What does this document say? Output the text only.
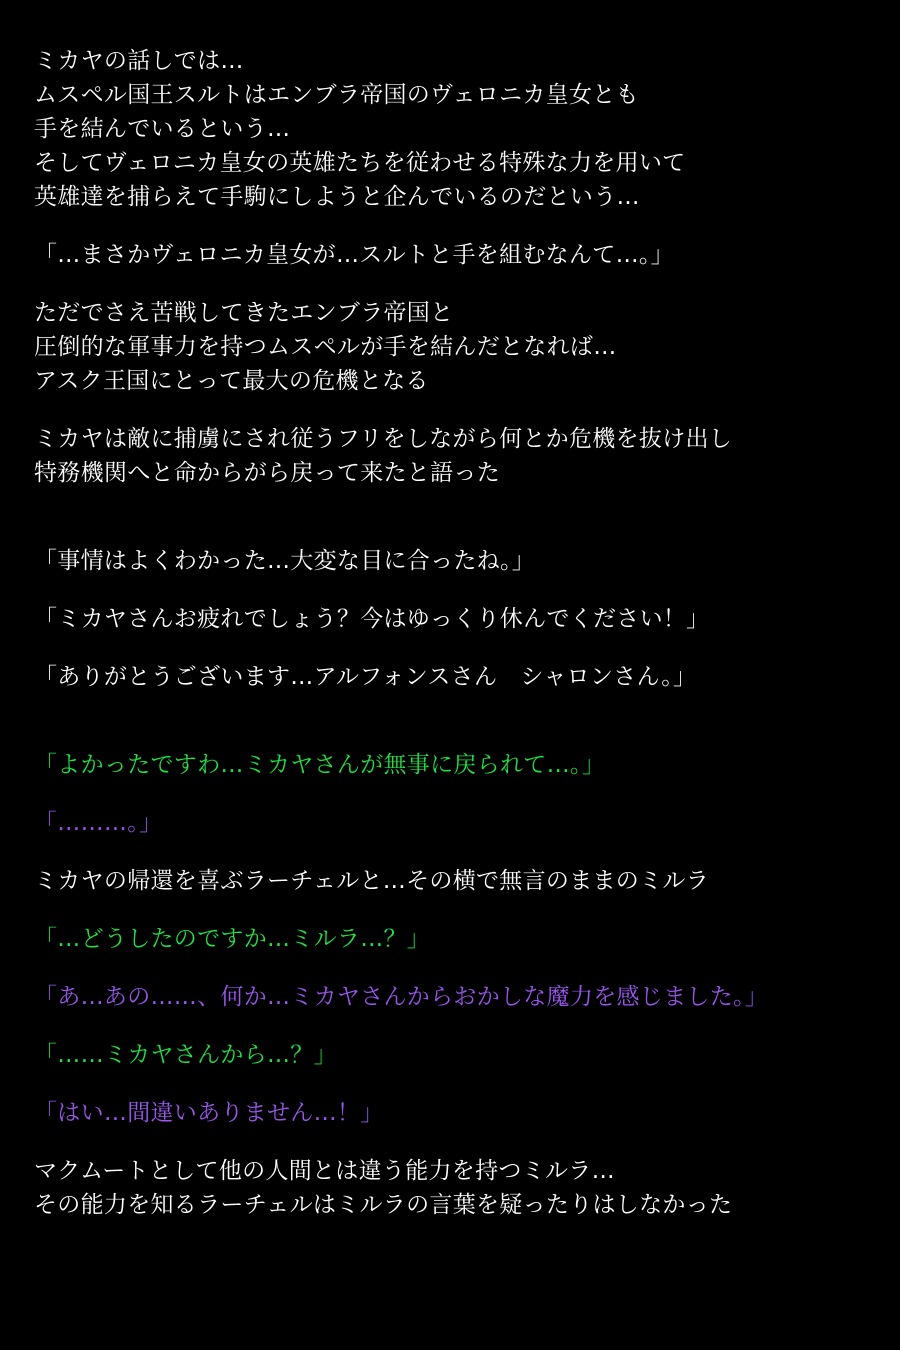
ミカヤの話しでは…
ムスペル国王スルトはエンブラ帝国のヴェロニカ皇女とも
手を結んでいるという…
そしてヴェロニカ皇女の英雄たちを従わせる特殊な力を用いて
英雄達を捕らえて手駒にしようと企んでいるのだという…
「…まさかヴェロニカ皇女が…スルトと手を組むなんて…。」
ただでさえ苦戦してきたエンブラ帝国と
圧倒的な軍事力を持つムスペルが手を結んだとなれば…
アスク王国にとって最大の危機となる
ミカヤは敵に捕虜にされ従うフリをしながら何とか危機を抜け出し
特務機関へと命からがら戻って来たと語った
「事情はよくわかった…大変な目に合ったね。」
「ミカヤさんお疲れでしょう？今はゆっくり休んでください！」
「ありがとうございます…アルフォンスさん　シャロンさん。」
「よかったですわ…ミカヤさんが無事に戻られて…。」
「………。」
ミカヤの帰還を喜ぶラーチェルと…その横で無言のままのミルラ
「…どうしたのですか…ミルラ…？」
「あ…あの……、何か…ミカヤさんからおかしな魔力を感じました。」
「……ミカヤさんから…？」
「はい…間違いありません…！」
マクムートとして他の人間とは違う能力を持つミルラ…
その能力を知るラーチェルはミルラの言葉を疑ったりはしなかった
